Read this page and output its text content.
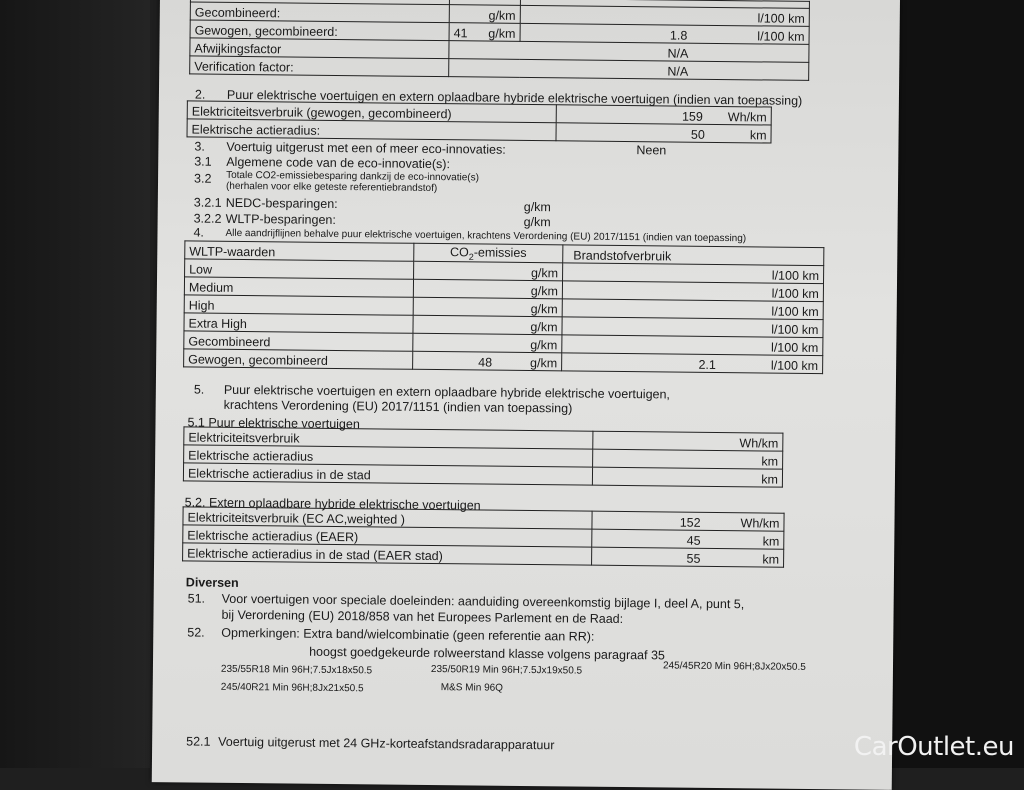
Gecombineerd:	g/km	l/100 km
Gewogen, gecombineerd:	41 g/km	1.8 l/100 km
Afwijkingsfactor	N/A	
Verification factor:	N/A	
2. Puur elektrische voertuigen en extern oplaadbare hybride elektrische voertuigen (indien van toepassing)
Elektriciteitsverbruik (gewogen, gecombineerd)	159 Wh/km
Elektrische actieradius:	50 km
3. Voertuig uitgerust met een of meer eco-innovaties:	Neen
3.1 Algemene code van de eco-innovatie(s):
3.2 Totale CO2-emissiebesparing dankzij de eco-innovatie(s)
(herhalen voor elke geteste referentiebrandstof)
3.2.1 NEDC-besparingen:	g/km
3.2.2 WLTP-besparingen:	g/km
4. Alle aandrijflijnen behalve puur elektrische voertuigen, krachtens Verordening (EU) 2017/1151 (indien van toepassing)
WLTP-waarden	$CO_2$-emissies	Brandstofverbruik
Low	g/km	l/100 km
Medium	g/km	l/100 km
High	g/km	l/100 km
Extra High	g/km	l/100 km
Gecombineerd	g/km	l/100 km
Gewogen, gecombineerd	48 g/km	2.1 l/100 km
5. Puur elektrische voertuigen en extern oplaadbare hybride elektrische voertuigen,
krachtens Verordening (EU) 2017/1151 (indien van toepassing)
5.1 Puur elektrische voertuigen
Elektriciteitsverbruik	Wh/km
Elektrische actieradius	km
Elektrische actieradius in de stad	km
5.2. Extern oplaadbare hybride elektrische voertuigen
Elektriciteitsverbruik (EC AC,weighted )	152 Wh/km
Elektrische actieradius (EAER)	45 km
Elektrische actieradius in de stad (EAER stad)	55 km
Diversen
51. Voor voertuigen voor speciale doeleinden: aanduiding overeenkomstig bijlage I, deel A, punt 5,
bij Verordening (EU) 2018/858 van het Europees Parlement en de Raad:
52. Opmerkingen: Extra band/wielcombinatie (geen referentie aan RR):
hoogst goedgekeurde rolweerstand klasse volgens paragraaf 35
235/55R18 Min 96H;7.5Jx18x50.5	235/50R19 Min 96H;7.5Jx19x50.5	245/45R20 Min 96H;8Jx20x50.5
245/40R21 Min 96H;8Jx21x50.5	M&S Min 96Q
52.1 Voertuig uitgerust met 24 GHz-korteafstandsradarapparatuur	CarOutlet.eu
